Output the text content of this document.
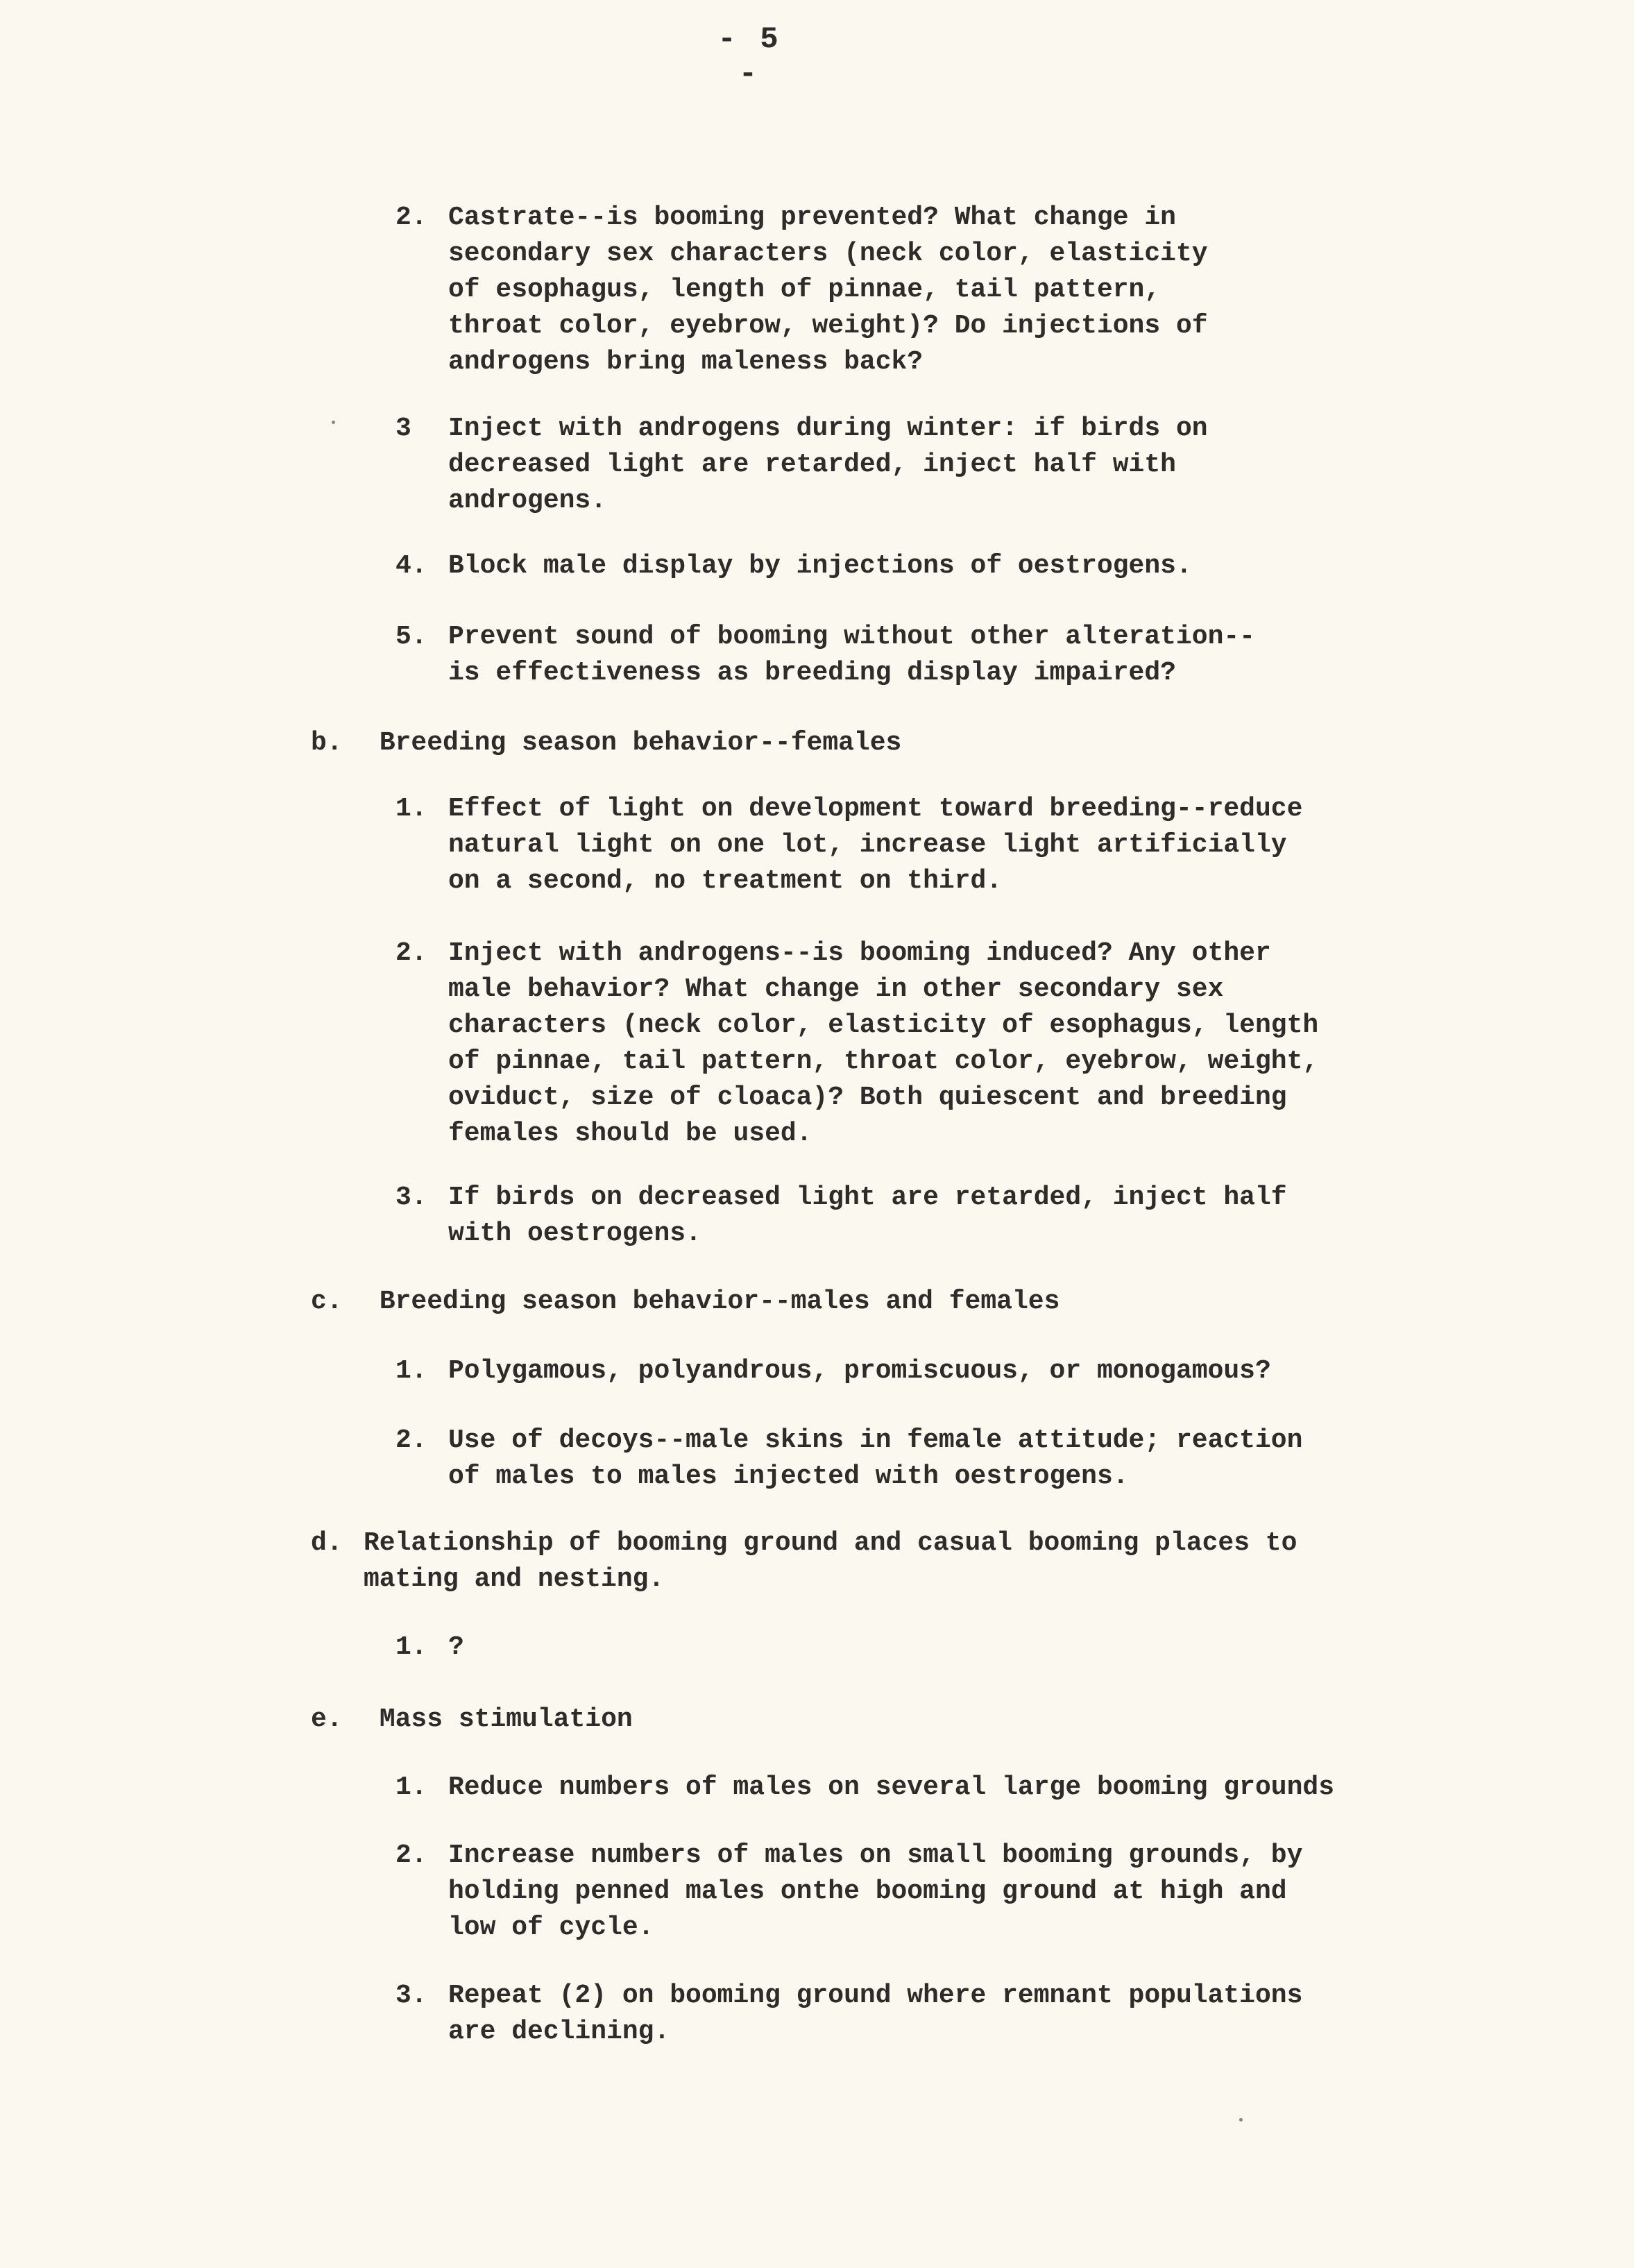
- 5 -
2. Castrate--is booming prevented? What change in
secondary sex characters (neck color, elasticity
of esophagus, length of pinnae, tail pattern,
throat color, eyebrow, weight)? Do injections of
androgens bring maleness back?
3 Inject with androgens during winter: if birds on
decreased light are retarded, inject half with
androgens.
4. Block male display by injections of oestrogens.
5. Prevent sound of booming without other alteration--
is effectiveness as breeding display impaired?
b. Breeding season behavior--females
1. Effect of light on development toward breeding--reduce
natural light on one lot, increase light artificially
on a second, no treatment on third.
2. Inject with androgens--is booming induced? Any other
male behavior? What change in other secondary sex
characters (neck color, elasticity of esophagus, length
of pinnae, tail pattern, throat color, eyebrow, weight,
oviduct, size of cloaca)? Both quiescent and breeding
females should be used.
3. If birds on decreased light are retarded, inject half
with oestrogens.
c. Breeding season behavior--males and females
1. Polygamous, polyandrous, promiscuous, or monogamous?
2. Use of decoys--male skins in female attitude; reaction
of males to males injected with oestrogens.
d. Relationship of booming ground and casual booming places to
mating and nesting.
1. ?
e. Mass stimulation
1. Reduce numbers of males on several large booming grounds
2. Increase numbers of males on small booming grounds, by
holding penned males onthe booming ground at high and
low of cycle.
3. Repeat (2) on booming ground where remnant populations
are declining.
